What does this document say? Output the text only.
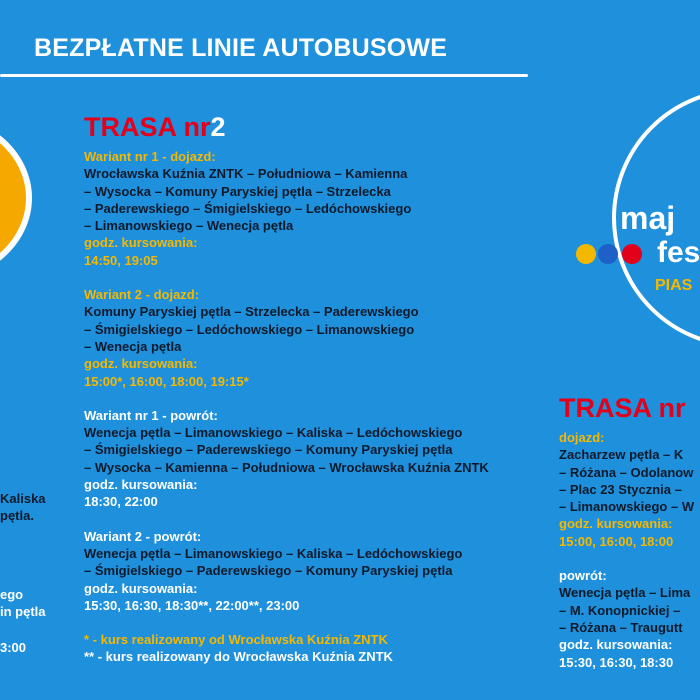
BEZPŁATNE LINIE AUTOBUSOWE
Kaliska
pętla.
ego
in pętla
3:00
TRASA nr2
Wariant nr 1 - dojazd:
Wrocławska Kuźnia ZNTK – Południowa – Kamienna
– Wysocka – Komuny Paryskiej pętla – Strzelecka
– Paderewskiego – Śmigielskiego – Ledóchowskiego
– Limanowskiego – Wenecja pętla
godz. kursowania:
14:50, 19:05
Wariant 2 - dojazd:
Komuny Paryskiej pętla – Strzelecka – Paderewskiego
– Śmigielskiego – Ledóchowskiego – Limanowskiego
– Wenecja pętla
godz. kursowania:
15:00*, 16:00, 18:00, 19:15*
Wariant nr 1 - powrót:
Wenecja pętla – Limanowskiego – Kaliska – Ledóchowskiego
– Śmigielskiego – Paderewskiego – Komuny Paryskiej pętla
– Wysocka – Kamienna – Południowa – Wrocławska Kuźnia ZNTK
godz. kursowania:
18:30, 22:00
Wariant 2 - powrót:
Wenecja pętla – Limanowskiego – Kaliska – Ledóchowskiego
– Śmigielskiego – Paderewskiego – Komuny Paryskiej pętla
godz. kursowania:
15:30, 16:30, 18:30**, 22:00**, 23:00
* - kurs realizowany od Wrocławska Kuźnia ZNTK
** - kurs realizowany do Wrocławska Kuźnia ZNTK
maj
fes
PIAS
TRASA nr
dojazd:
Zacharzew pętla – K
– Różana – Odolanow
– Plac 23 Stycznia –
– Limanowskiego – W
godz. kursowania:
15:00, 16:00, 18:00
powrót:
Wenecja pętla – Lima
– M. Konopnickiej –
– Różana – Traugutt
godz. kursowania:
15:30, 16:30, 18:30
